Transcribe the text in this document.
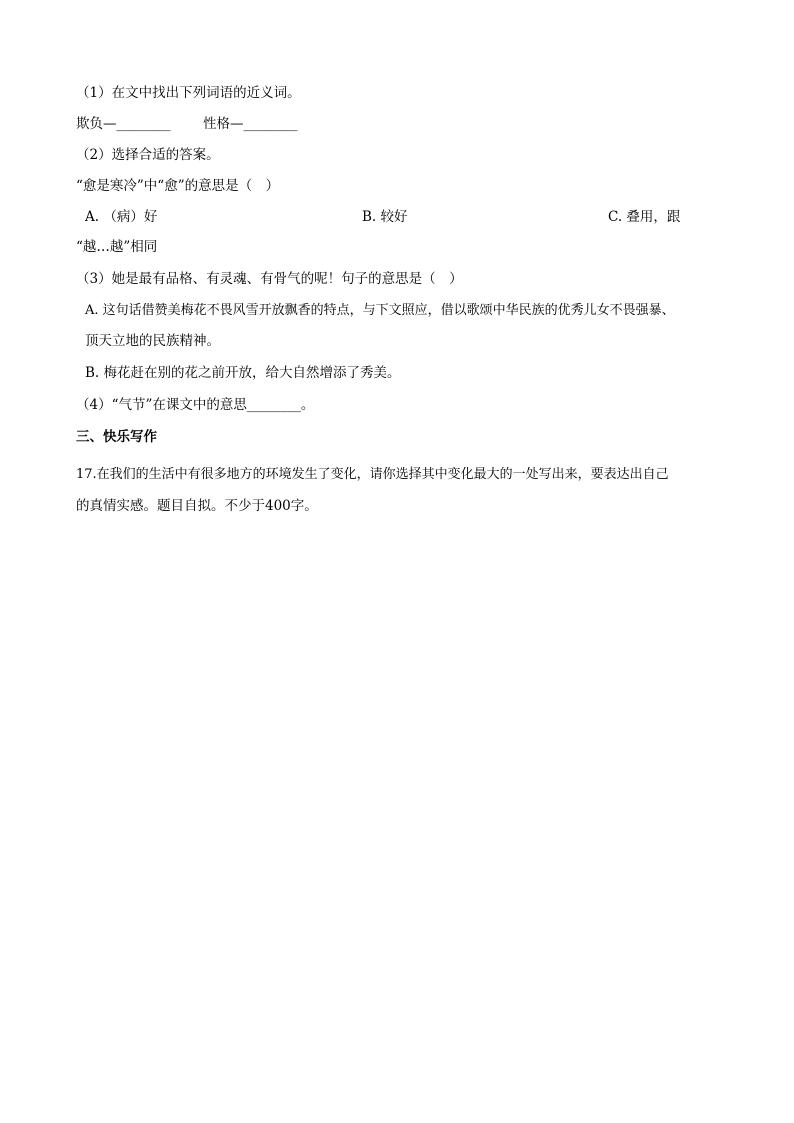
（1）在文中找出下列词语的近义词。
欺负—________ 性格—________
（2）选择合适的答案。
“愈是寒冷”中“愈”的意思是（　）
A. （病）好	B. 较好	C. 叠用，跟
“越…越”相同
（3）她是最有品格、有灵魂、有骨气的呢！句子的意思是（　）
A. 这句话借赞美梅花不畏风雪开放飘香的特点，与下文照应，借以歌颂中华民族的优秀儿女不畏强暴、
顶天立地的民族精神。
B. 梅花赶在别的花之前开放，给大自然增添了秀美。
（4）“气节”在课文中的意思________。
三、快乐写作
17.在我们的生活中有很多地方的环境发生了变化，请你选择其中变化最大的一处写出来，要表达出自己
的真情实感。题目自拟。不少于400字。
